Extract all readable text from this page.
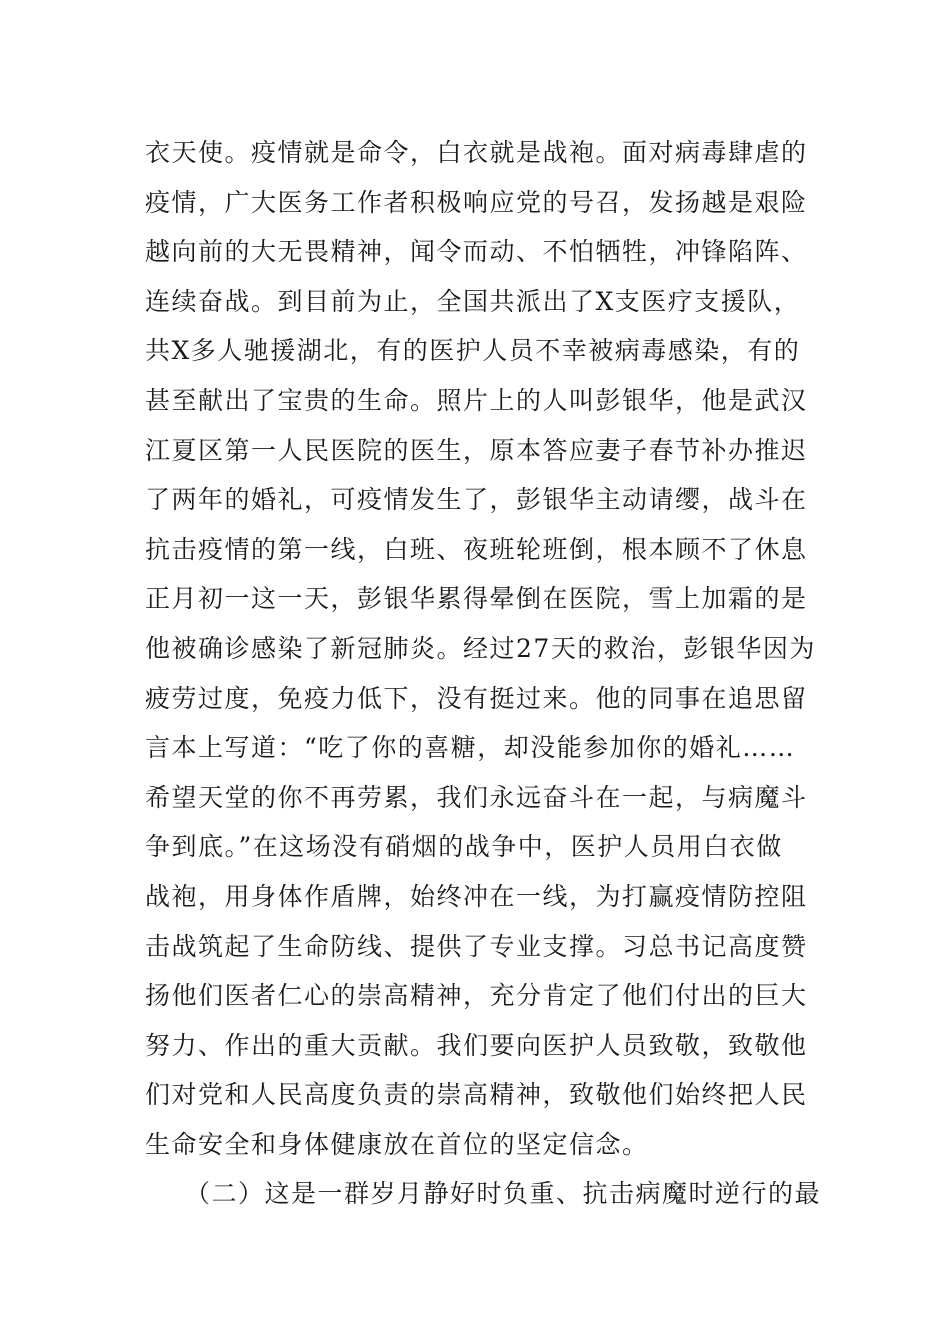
衣天使。疫情就是命令，白衣就是战袍。面对病毒肆虐的
疫情，广大医务工作者积极响应党的号召，发扬越是艰险
越向前的大无畏精神，闻令而动、不怕牺牲，冲锋陷阵、
连续奋战。到目前为止，全国共派出了X支医疗支援队，
共X多人驰援湖北，有的医护人员不幸被病毒感染，有的
甚至献出了宝贵的生命。照片上的人叫彭银华，他是武汉
江夏区第一人民医院的医生，原本答应妻子春节补办推迟
了两年的婚礼，可疫情发生了，彭银华主动请缨，战斗在
抗击疫情的第一线，白班、夜班轮班倒，根本顾不了休息
正月初一这一天，彭银华累得晕倒在医院，雪上加霜的是
他被确诊感染了新冠肺炎。经过27天的救治，彭银华因为
疲劳过度，免疫力低下，没有挺过来。他的同事在追思留
言本上写道：“吃了你的喜糖，却没能参加你的婚礼……
希望天堂的你不再劳累，我们永远奋斗在一起，与病魔斗
争到底。”在这场没有硝烟的战争中，医护人员用白衣做
战袍，用身体作盾牌，始终冲在一线，为打赢疫情防控阻
击战筑起了生命防线、提供了专业支撑。习总书记高度赞
扬他们医者仁心的崇高精神，充分肯定了他们付出的巨大
努力、作出的重大贡献。我们要向医护人员致敬，致敬他
们对党和人民高度负责的崇高精神，致敬他们始终把人民
生命安全和身体健康放在首位的坚定信念。
（二）这是一群岁月静好时负重、抗击病魔时逆行的最
